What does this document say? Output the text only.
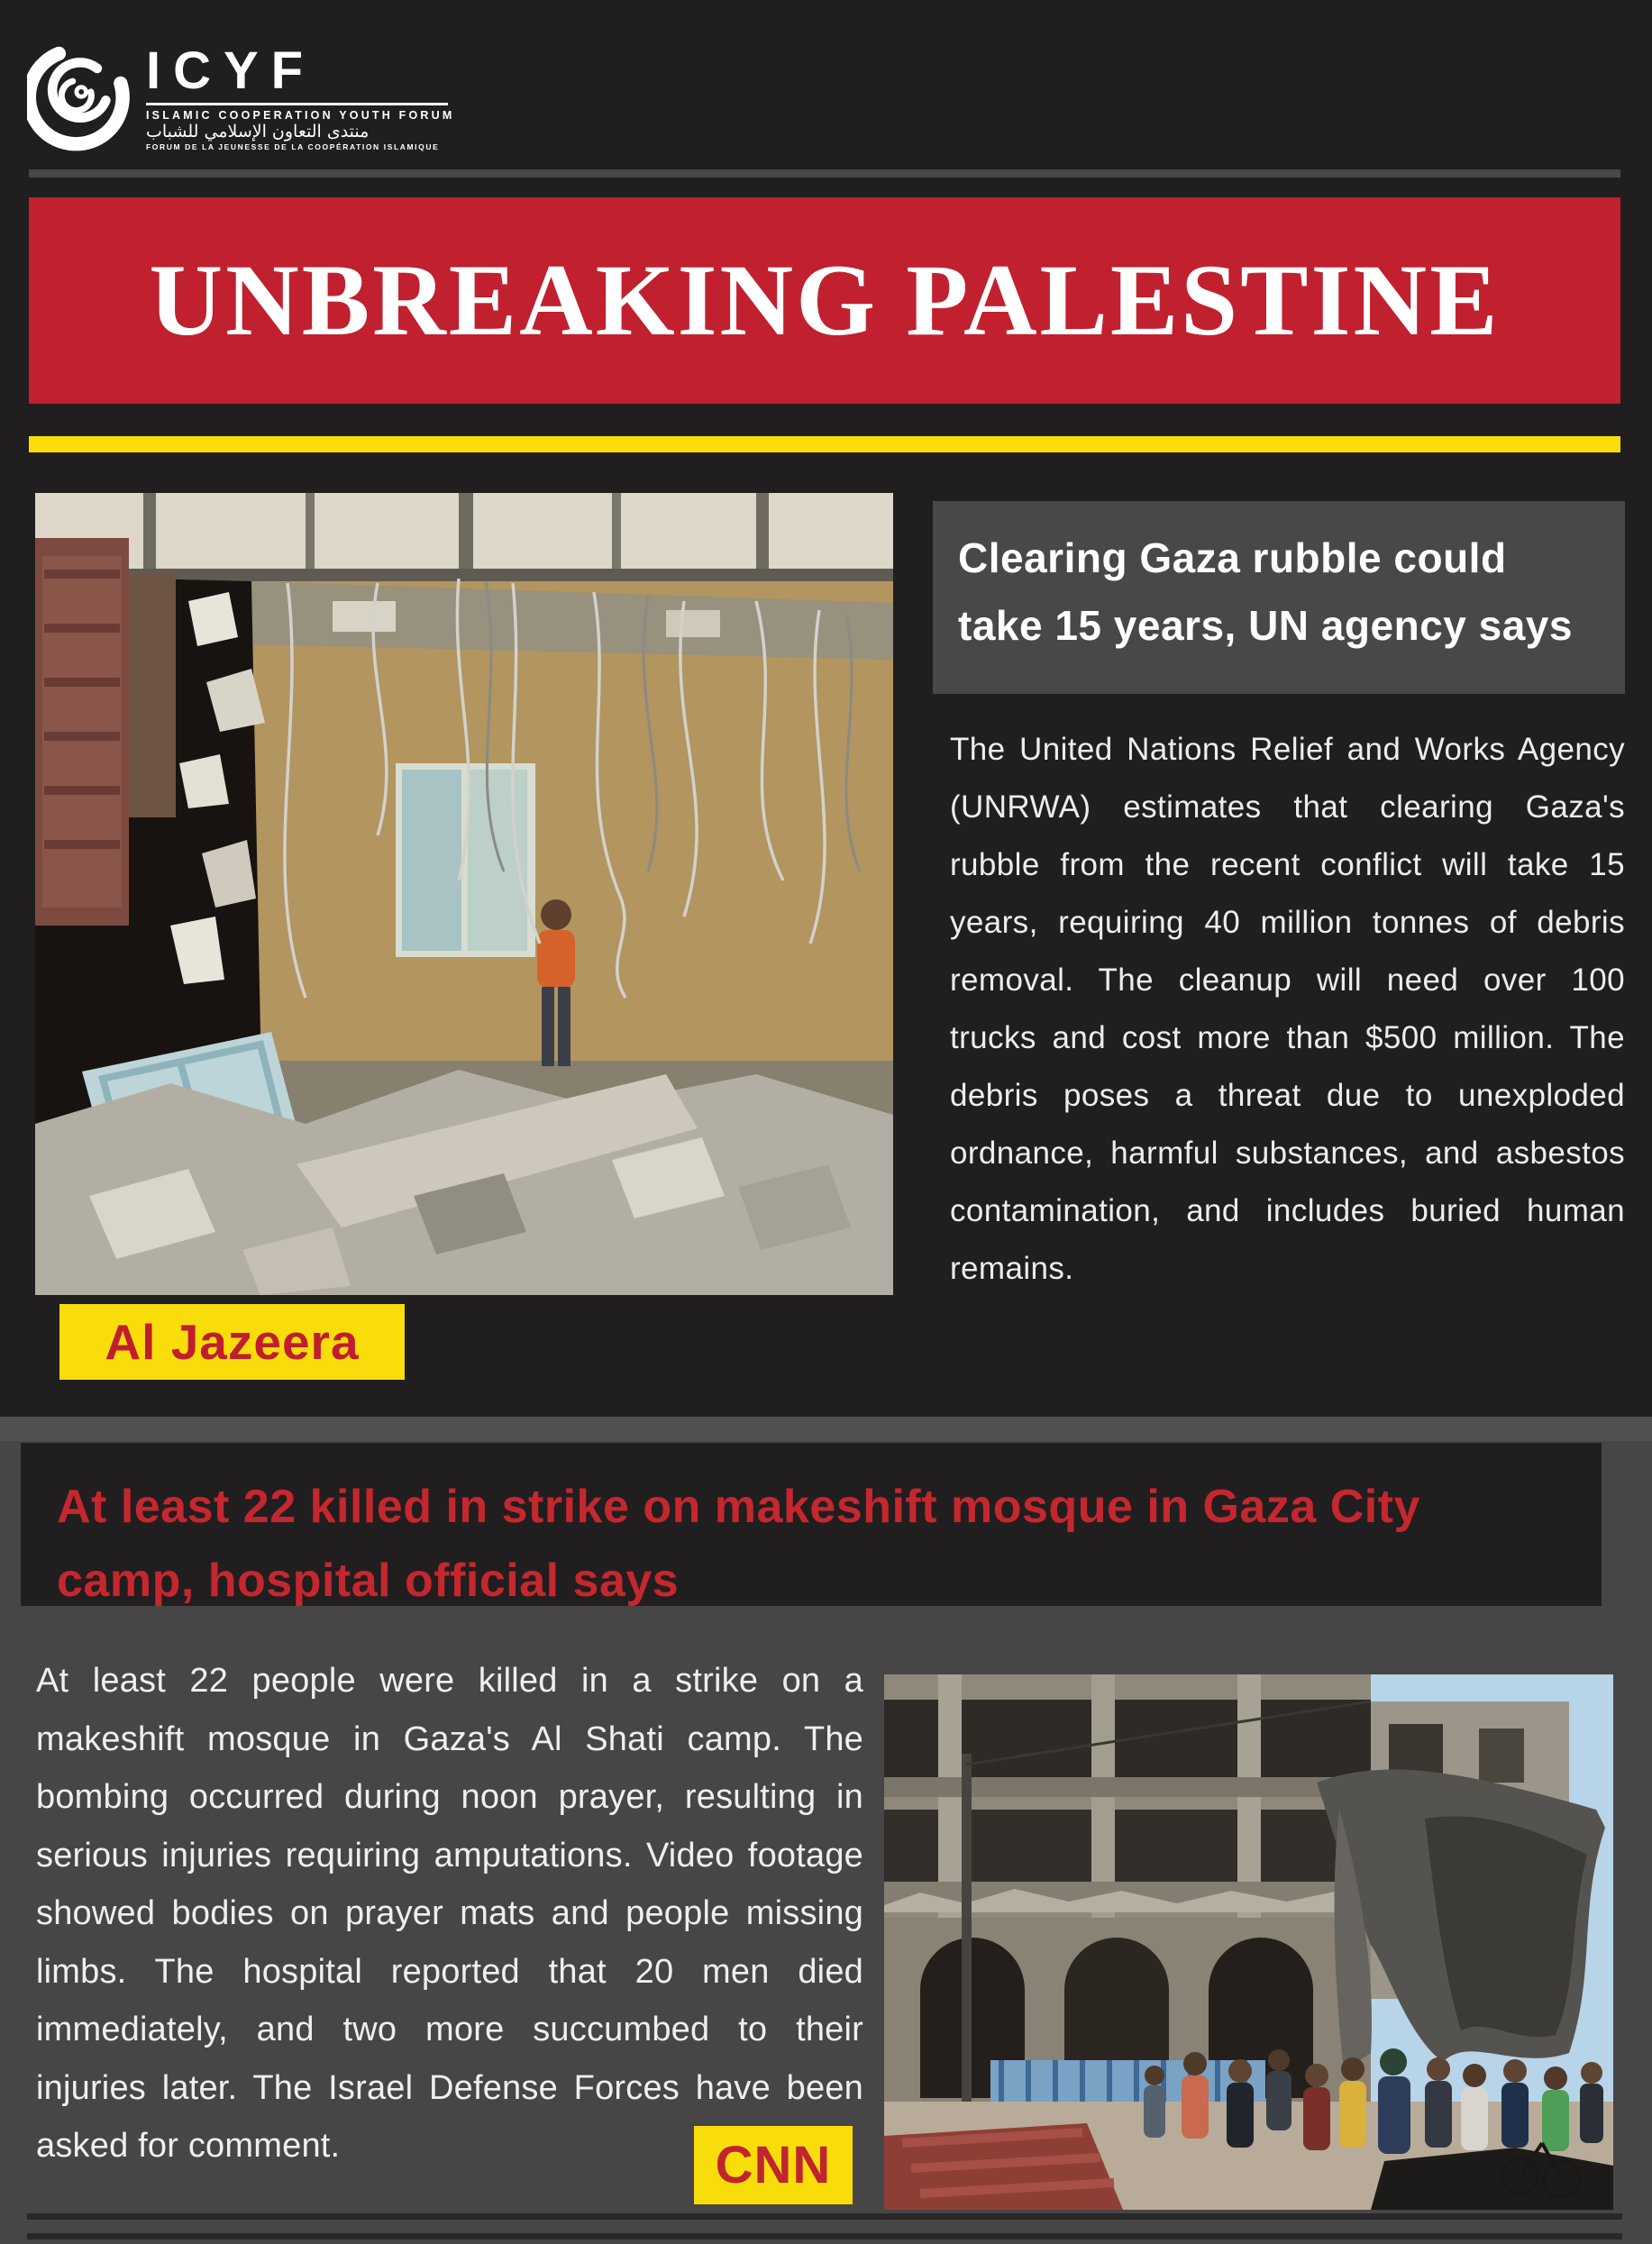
ICYF
ISLAMIC COOPERATION YOUTH FORUM
منتدى التعاون الإسلامي للشباب
FORUM DE LA JEUNESSE DE LA COOPÉRATION ISLAMIQUE
UNBREAKING PALESTINE
Clearing Gaza rubble could take 15 years, UN agency says
The United Nations Relief and Works Agency (UNRWA) estimates that clearing Gaza's rubble from the recent conflict will take 15 years, requiring 40 million tonnes of debris removal. The cleanup will need over 100 trucks and cost more than $500 million. The debris poses a threat due to unexploded ordnance, harmful substances, and asbestos contamination, and includes buried human remains.
Al Jazeera
At least 22 killed in strike on makeshift mosque in Gaza City camp, hospital official says
At least 22 people were killed in a strike on a makeshift mosque in Gaza's Al Shati camp. The bombing occurred during noon prayer, resulting in serious injuries requiring amputations. Video footage showed bodies on prayer mats and people missing limbs. The hospital reported that 20 men died immediately, and two more succumbed to their injuries later. The Israel Defense Forces have been asked for comment.	CNN
